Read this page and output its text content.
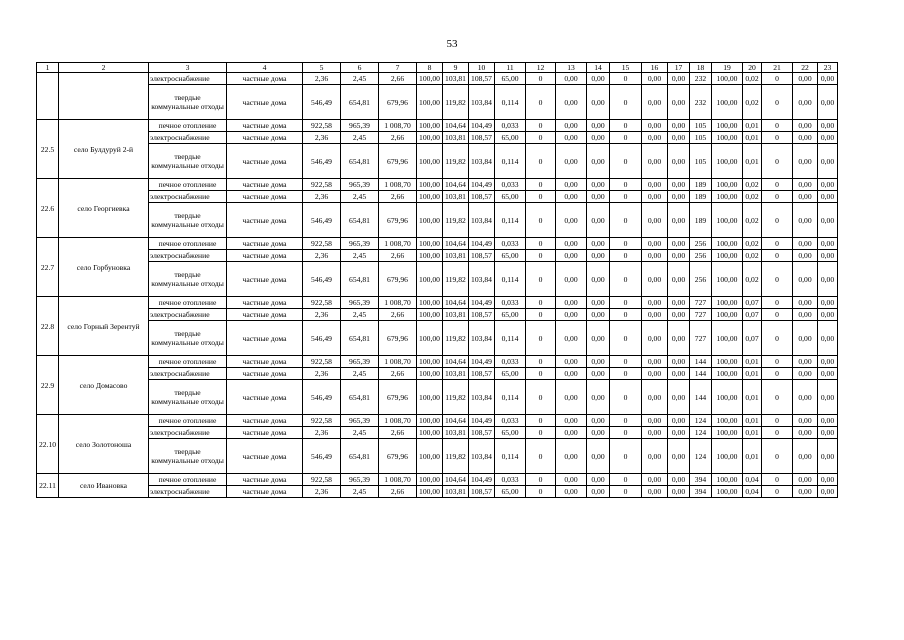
53
1	2	3	4	5	6	7	8	9	10	11	12	13	14	15	16	17	18	19	20	21	22	23
		электроснабжение	частные дома	2,36	2,45	2,66	100,00	103,81	108,57	65,00	0	0,00	0,00	0	0,00	0,00	232	100,00	0,02	0	0,00	0,00
		твердые коммунальные отходы	частные дома	546,49	654,81	679,96	100,00	119,82	103,84	0,114	0	0,00	0,00	0	0,00	0,00	232	100,00	0,02	0	0,00	0,00
22.5	село Булдуруй 2-й	печное отопление	частные дома	922,58	965,39	1 008,70	100,00	104,64	104,49	0,033	0	0,00	0,00	0	0,00	0,00	105	100,00	0,01	0	0,00	0,00
		электроснабжение	частные дома	2,36	2,45	2,66	100,00	103,81	108,57	65,00	0	0,00	0,00	0	0,00	0,00	105	100,00	0,01	0	0,00	0,00
		твердые коммунальные отходы	частные дома	546,49	654,81	679,96	100,00	119,82	103,84	0,114	0	0,00	0,00	0	0,00	0,00	105	100,00	0,01	0	0,00	0,00
22.6	село Георгиевка	печное отопление	частные дома	922,58	965,39	1 008,70	100,00	104,64	104,49	0,033	0	0,00	0,00	0	0,00	0,00	189	100,00	0,02	0	0,00	0,00
		электроснабжение	частные дома	2,36	2,45	2,66	100,00	103,81	108,57	65,00	0	0,00	0,00	0	0,00	0,00	189	100,00	0,02	0	0,00	0,00
		твердые коммунальные отходы	частные дома	546,49	654,81	679,96	100,00	119,82	103,84	0,114	0	0,00	0,00	0	0,00	0,00	189	100,00	0,02	0	0,00	0,00
22.7	село Горбуновка	печное отопление	частные дома	922,58	965,39	1 008,70	100,00	104,64	104,49	0,033	0	0,00	0,00	0	0,00	0,00	256	100,00	0,02	0	0,00	0,00
		электроснабжение	частные дома	2,36	2,45	2,66	100,00	103,81	108,57	65,00	0	0,00	0,00	0	0,00	0,00	256	100,00	0,02	0	0,00	0,00
		твердые коммунальные отходы	частные дома	546,49	654,81	679,96	100,00	119,82	103,84	0,114	0	0,00	0,00	0	0,00	0,00	256	100,00	0,02	0	0,00	0,00
22.8	село Горный Зерентуй	печное отопление	частные дома	922,58	965,39	1 008,70	100,00	104,64	104,49	0,033	0	0,00	0,00	0	0,00	0,00	727	100,00	0,07	0	0,00	0,00
		электроснабжение	частные дома	2,36	2,45	2,66	100,00	103,81	108,57	65,00	0	0,00	0,00	0	0,00	0,00	727	100,00	0,07	0	0,00	0,00
		твердые коммунальные отходы	частные дома	546,49	654,81	679,96	100,00	119,82	103,84	0,114	0	0,00	0,00	0	0,00	0,00	727	100,00	0,07	0	0,00	0,00
22.9	село Домасово	печное отопление	частные дома	922,58	965,39	1 008,70	100,00	104,64	104,49	0,033	0	0,00	0,00	0	0,00	0,00	144	100,00	0,01	0	0,00	0,00
		электроснабжение	частные дома	2,36	2,45	2,66	100,00	103,81	108,57	65,00	0	0,00	0,00	0	0,00	0,00	144	100,00	0,01	0	0,00	0,00
		твердые коммунальные отходы	частные дома	546,49	654,81	679,96	100,00	119,82	103,84	0,114	0	0,00	0,00	0	0,00	0,00	144	100,00	0,01	0	0,00	0,00
22.10	село Золотоноша	печное отопление	частные дома	922,58	965,39	1 008,70	100,00	104,64	104,49	0,033	0	0,00	0,00	0	0,00	0,00	124	100,00	0,01	0	0,00	0,00
		электроснабжение	частные дома	2,36	2,45	2,66	100,00	103,81	108,57	65,00	0	0,00	0,00	0	0,00	0,00	124	100,00	0,01	0	0,00	0,00
		твердые коммунальные отходы	частные дома	546,49	654,81	679,96	100,00	119,82	103,84	0,114	0	0,00	0,00	0	0,00	0,00	124	100,00	0,01	0	0,00	0,00
22.11	село Ивановка	печное отопление	частные дома	922,58	965,39	1 008,70	100,00	104,64	104,49	0,033	0	0,00	0,00	0	0,00	0,00	394	100,00	0,04	0	0,00	0,00
		электроснабжение	частные дома	2,36	2,45	2,66	100,00	103,81	108,57	65,00	0	0,00	0,00	0	0,00	0,00	394	100,00	0,04	0	0,00	0,00
